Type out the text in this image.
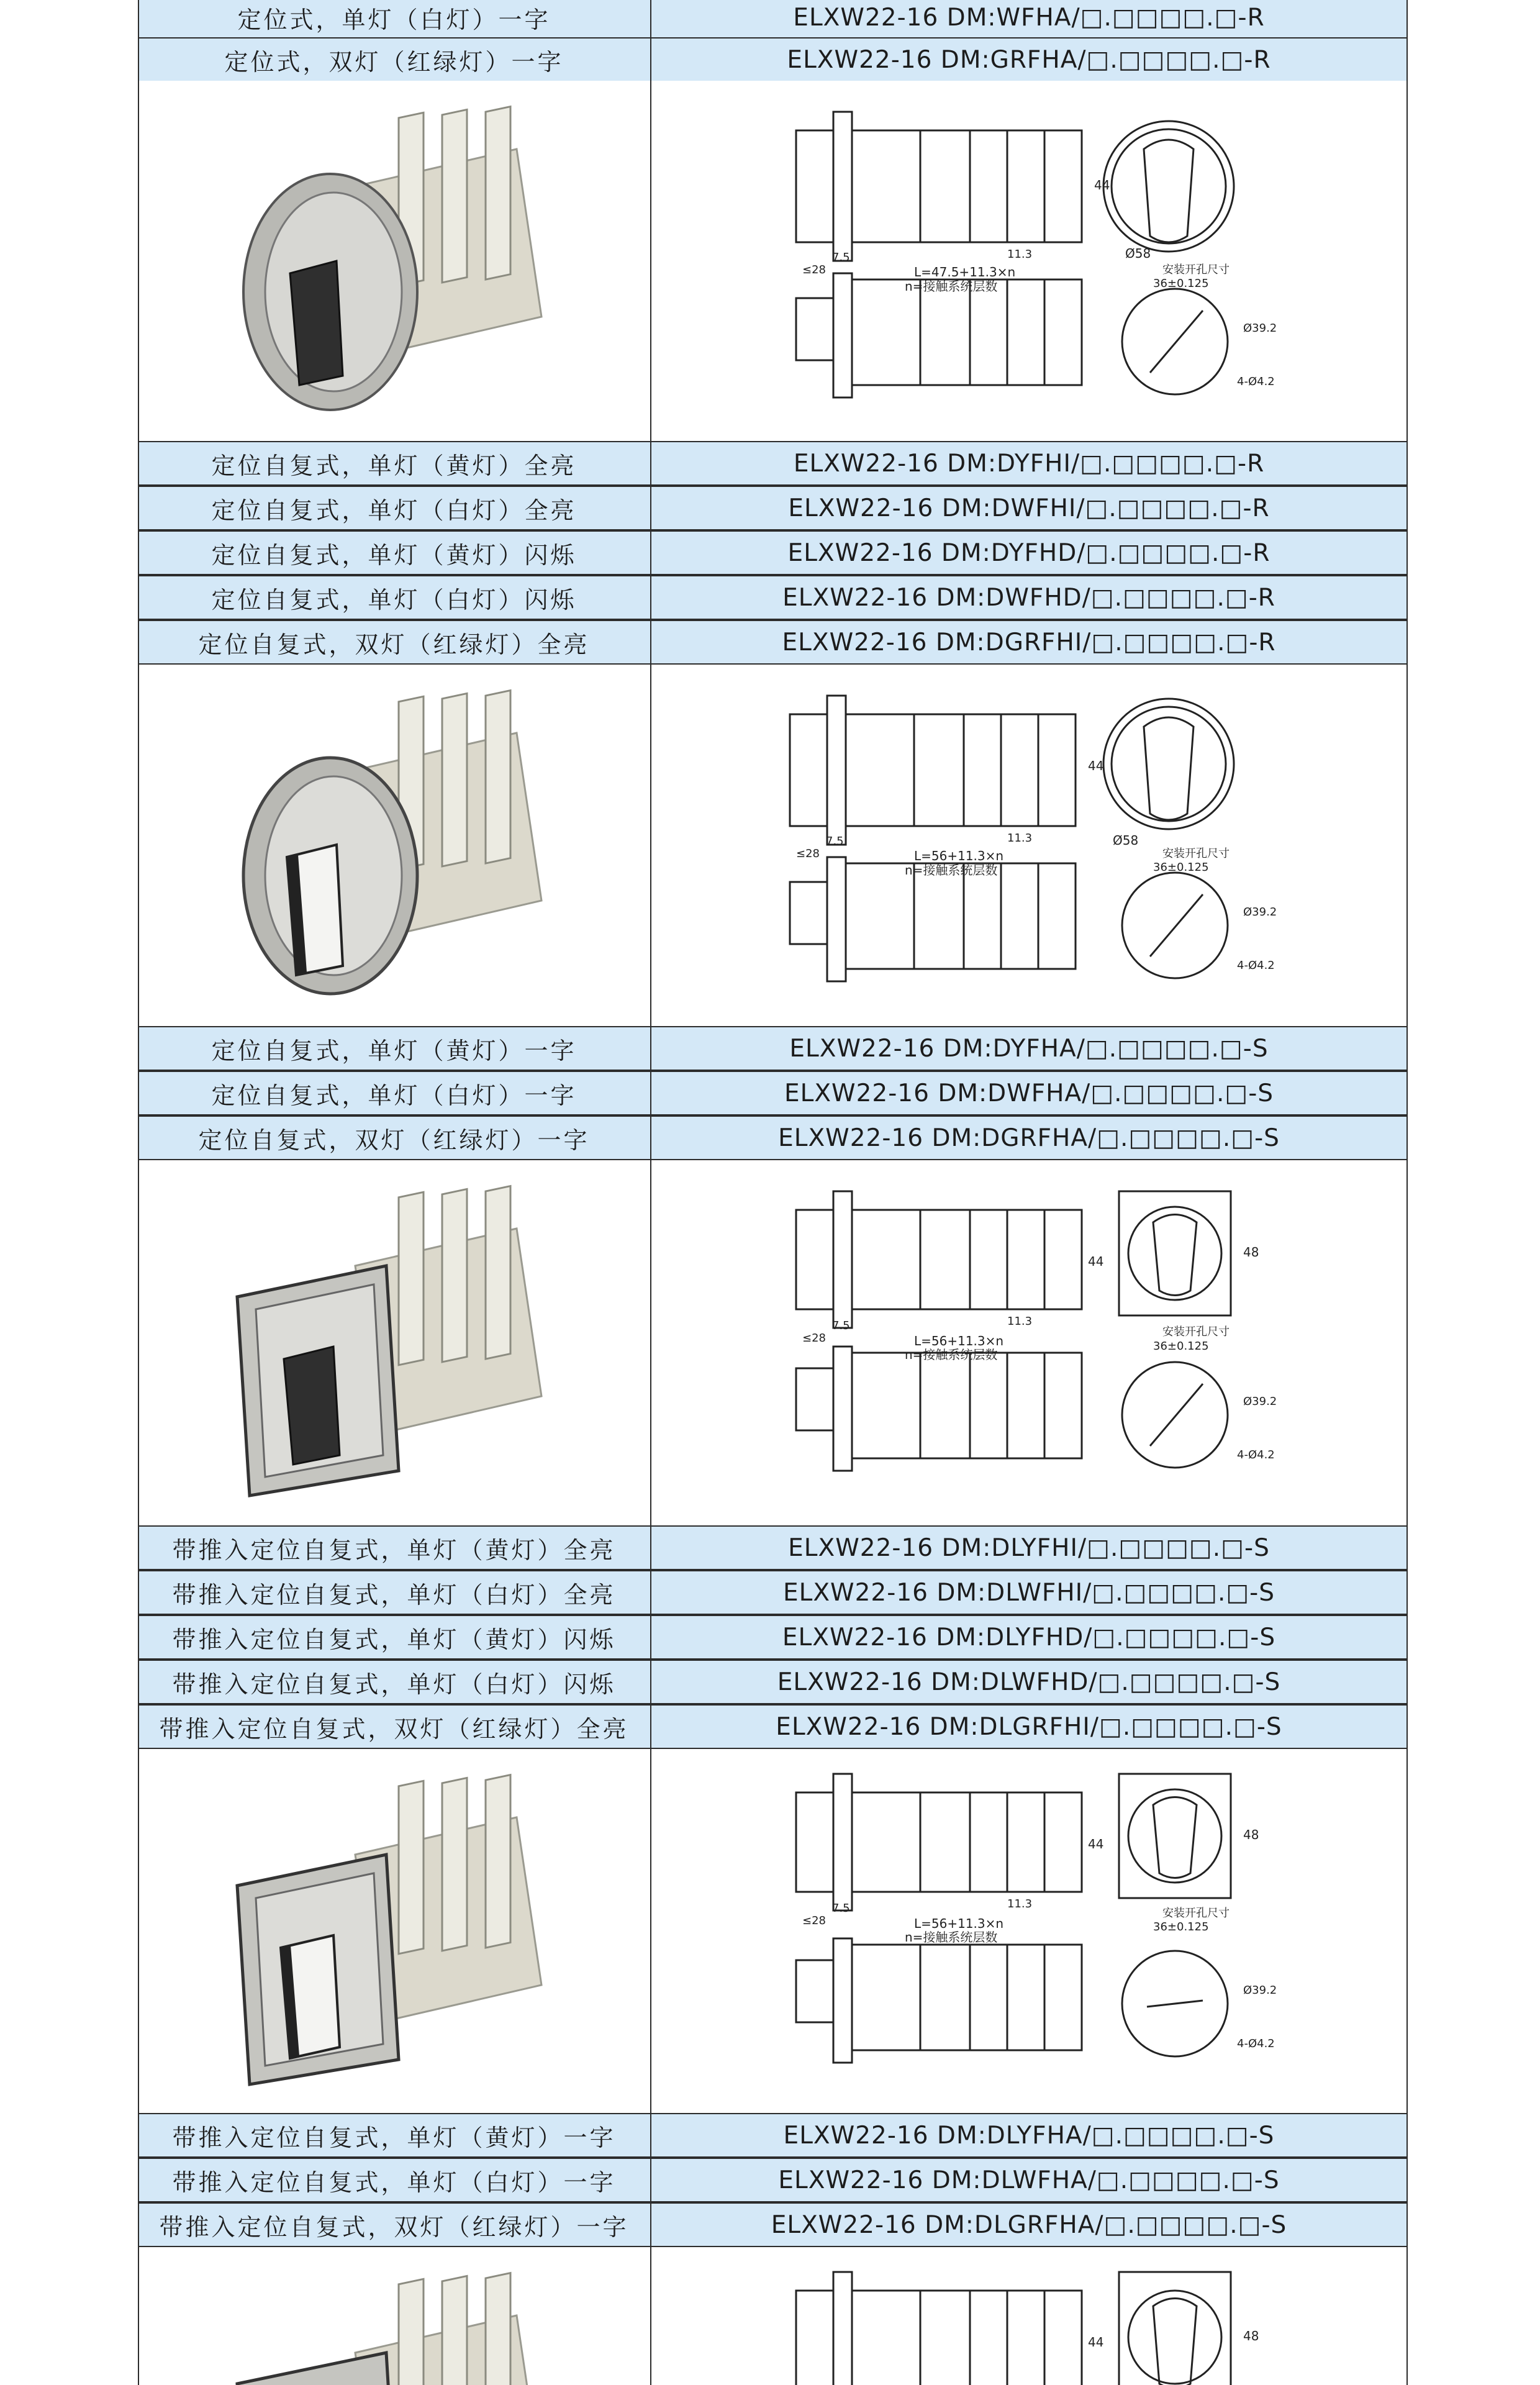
定位式，单灯（白灯）一字	ELXW22-16 DM:WFHA/□.□□□□.□-R
定位式，双灯（红绿灯）一字	ELXW22-16 DM:GRFHA/□.□□□□.□-R
L=47.5+11.3×n
n=接触系统层数
44
Ø58
安装开孔尺寸
36±0.125
Ø39.2
4-Ø4.2
≤28
7.5	11.3
定位自复式，单灯（黄灯）全亮	ELXW22-16 DM:DYFHI/□.□□□□.□-R
定位自复式，单灯（白灯）全亮	ELXW22-16 DM:DWFHI/□.□□□□.□-R
定位自复式，单灯（黄灯）闪烁	ELXW22-16 DM:DYFHD/□.□□□□.□-R
定位自复式，单灯（白灯）闪烁	ELXW22-16 DM:DWFHD/□.□□□□.□-R
定位自复式，双灯（红绿灯）全亮	ELXW22-16 DM:DGRFHI/□.□□□□.□-R
L=56+11.3×n
n=接触系统层数
44
Ø58
安装开孔尺寸
36±0.125
Ø39.2
4-Ø4.2
≤28
7.5	11.3
定位自复式，单灯（黄灯）一字	ELXW22-16 DM:DYFHA/□.□□□□.□-S
定位自复式，单灯（白灯）一字	ELXW22-16 DM:DWFHA/□.□□□□.□-S
定位自复式，双灯（红绿灯）一字	ELXW22-16 DM:DGRFHA/□.□□□□.□-S
L=56+11.3×n
n=接触系统层数
44
48
安装开孔尺寸
36±0.125
Ø39.2
4-Ø4.2
≤28
7.5	11.3
带推入定位自复式，单灯（黄灯）全亮	ELXW22-16 DM:DLYFHI/□.□□□□.□-S
带推入定位自复式，单灯（白灯）全亮	ELXW22-16 DM:DLWFHI/□.□□□□.□-S
带推入定位自复式，单灯（黄灯）闪烁	ELXW22-16 DM:DLYFHD/□.□□□□.□-S
带推入定位自复式，单灯（白灯）闪烁	ELXW22-16 DM:DLWFHD/□.□□□□.□-S
带推入定位自复式，双灯（红绿灯）全亮	ELXW22-16 DM:DLGRFHI/□.□□□□.□-S
L=56+11.3×n
n=接触系统层数
44
48
安装开孔尺寸
36±0.125
Ø39.2
4-Ø4.2
≤28
7.5	11.3
带推入定位自复式，单灯（黄灯）一字	ELXW22-16 DM:DLYFHA/□.□□□□.□-S
带推入定位自复式，单灯（白灯）一字	ELXW22-16 DM:DLWFHA/□.□□□□.□-S
带推入定位自复式，双灯（红绿灯）一字	ELXW22-16 DM:DLGRFHA/□.□□□□.□-S
44	48
